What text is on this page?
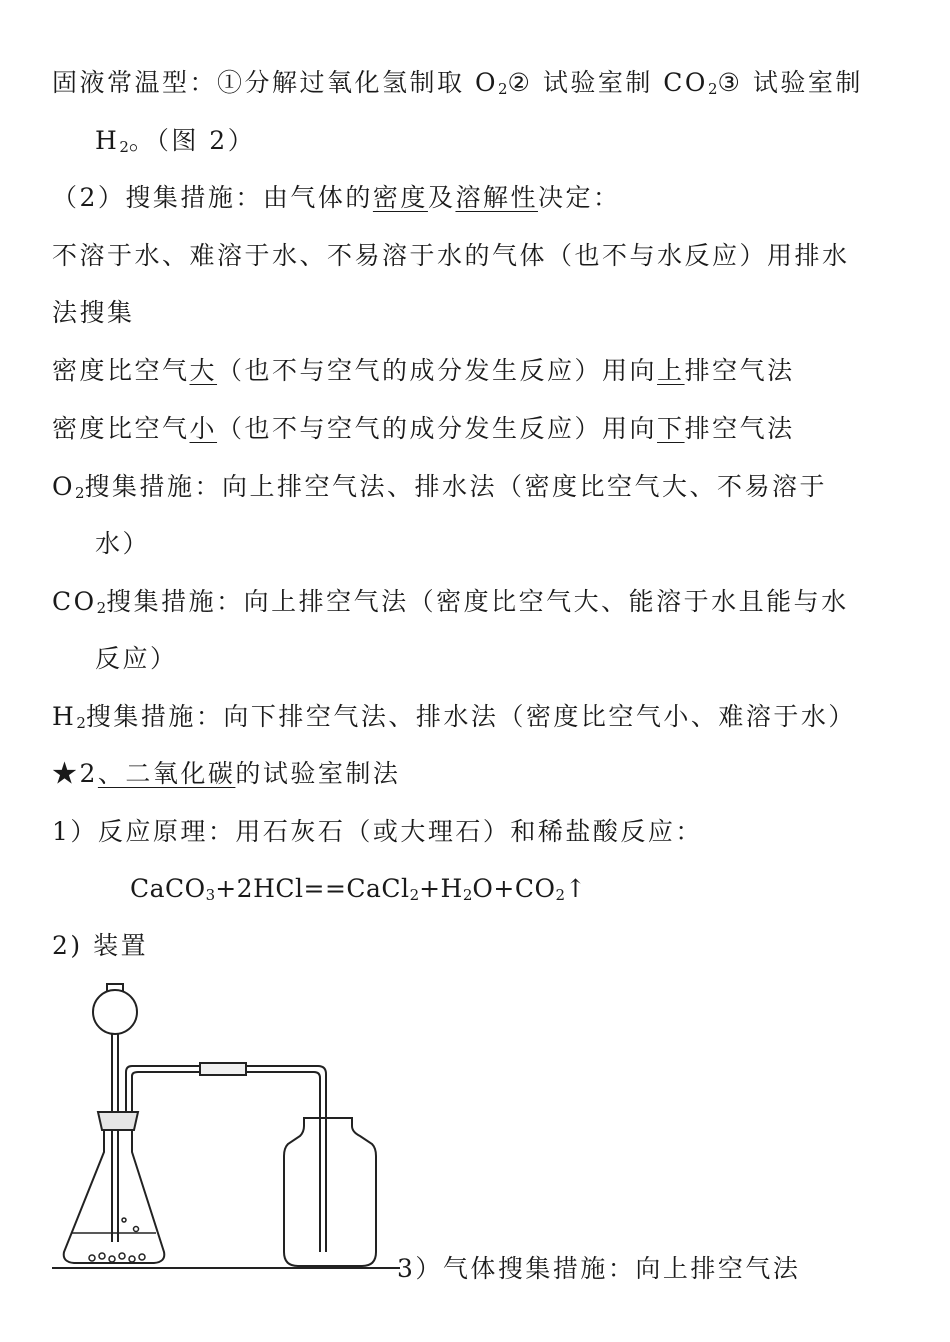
固液常温型：①分解过氧化氢制取 $O_2②$ 试验室制 $CO_2③$ 试验室制
$H_2$。（图 2）
（2）搜集措施：由气体的密度及溶解性决定：
不溶于水、难溶于水、不易溶于水的气体（也不与水反应）用排水
法搜集
密度比空气大（也不与空气的成分发生反应）用向上排空气法
密度比空气小（也不与空气的成分发生反应）用向下排空气法
$O_2$搜集措施：向上排空气法、排水法（密度比空气大、不易溶于
水）
$CO_2$搜集措施：向上排空气法（密度比空气大、能溶于水且能与水
反应）
$H_2$搜集措施：向下排空气法、排水法（密度比空气小、难溶于水）
★2、二氧化碳的试验室制法
1）反应原理：用石灰石（或大理石）和稀盐酸反应：
$CaCO_3+2HCl==CaCl_2+H_2O+CO_2↑$
2) 装置
3）气体搜集措施：向上排空气法
